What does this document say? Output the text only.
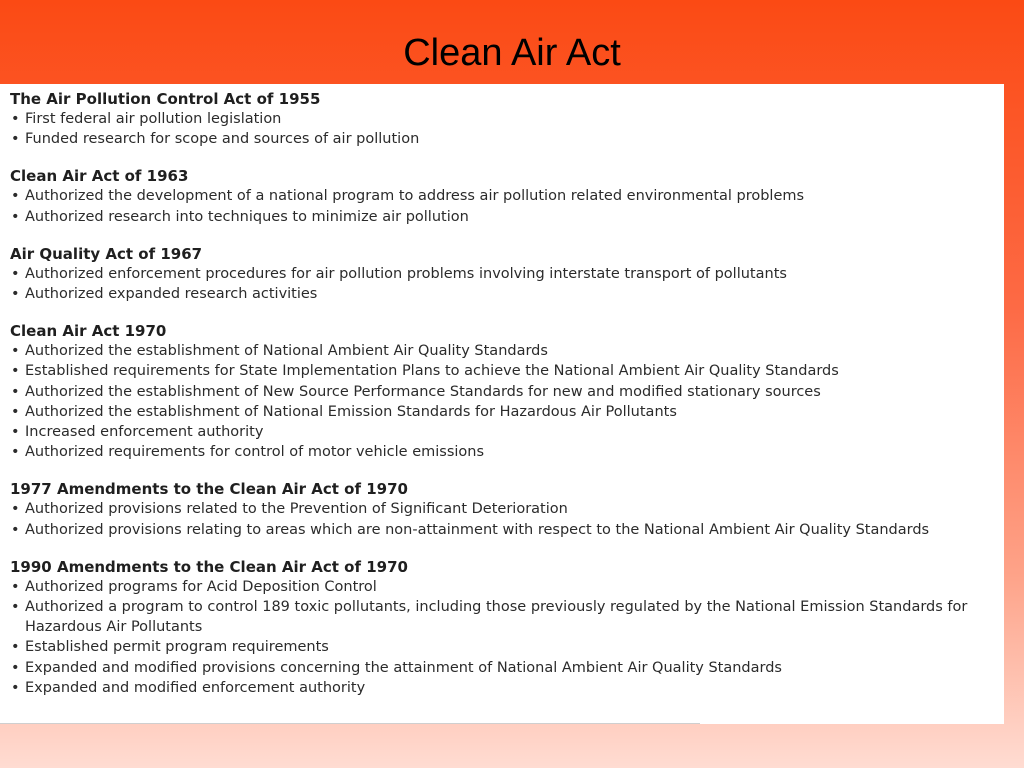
Clean Air Act
The Air Pollution Control Act of 1955
• First federal air pollution legislation
• Funded research for scope and sources of air pollution
Clean Air Act of 1963
• Authorized the development of a national program to address air pollution related environmental problems
• Authorized research into techniques to minimize air pollution
Air Quality Act of 1967
• Authorized enforcement procedures for air pollution problems involving interstate transport of pollutants
• Authorized expanded research activities
Clean Air Act 1970
• Authorized the establishment of National Ambient Air Quality Standards
• Established requirements for State Implementation Plans to achieve the National Ambient Air Quality Standards
• Authorized the establishment of New Source Performance Standards for new and modified stationary sources
• Authorized the establishment of National Emission Standards for Hazardous Air Pollutants
• Increased enforcement authority
• Authorized requirements for control of motor vehicle emissions
1977 Amendments to the Clean Air Act of 1970
• Authorized provisions related to the Prevention of Significant Deterioration
• Authorized provisions relating to areas which are non-attainment with respect to the National Ambient Air Quality Standards
1990 Amendments to the Clean Air Act of 1970
• Authorized programs for Acid Deposition Control
• Authorized a program to control 189 toxic pollutants, including those previously regulated by the National Emission Standards for Hazardous Air Pollutants
• Established permit program requirements
• Expanded and modified provisions concerning the attainment of National Ambient Air Quality Standards
• Expanded and modified enforcement authority
